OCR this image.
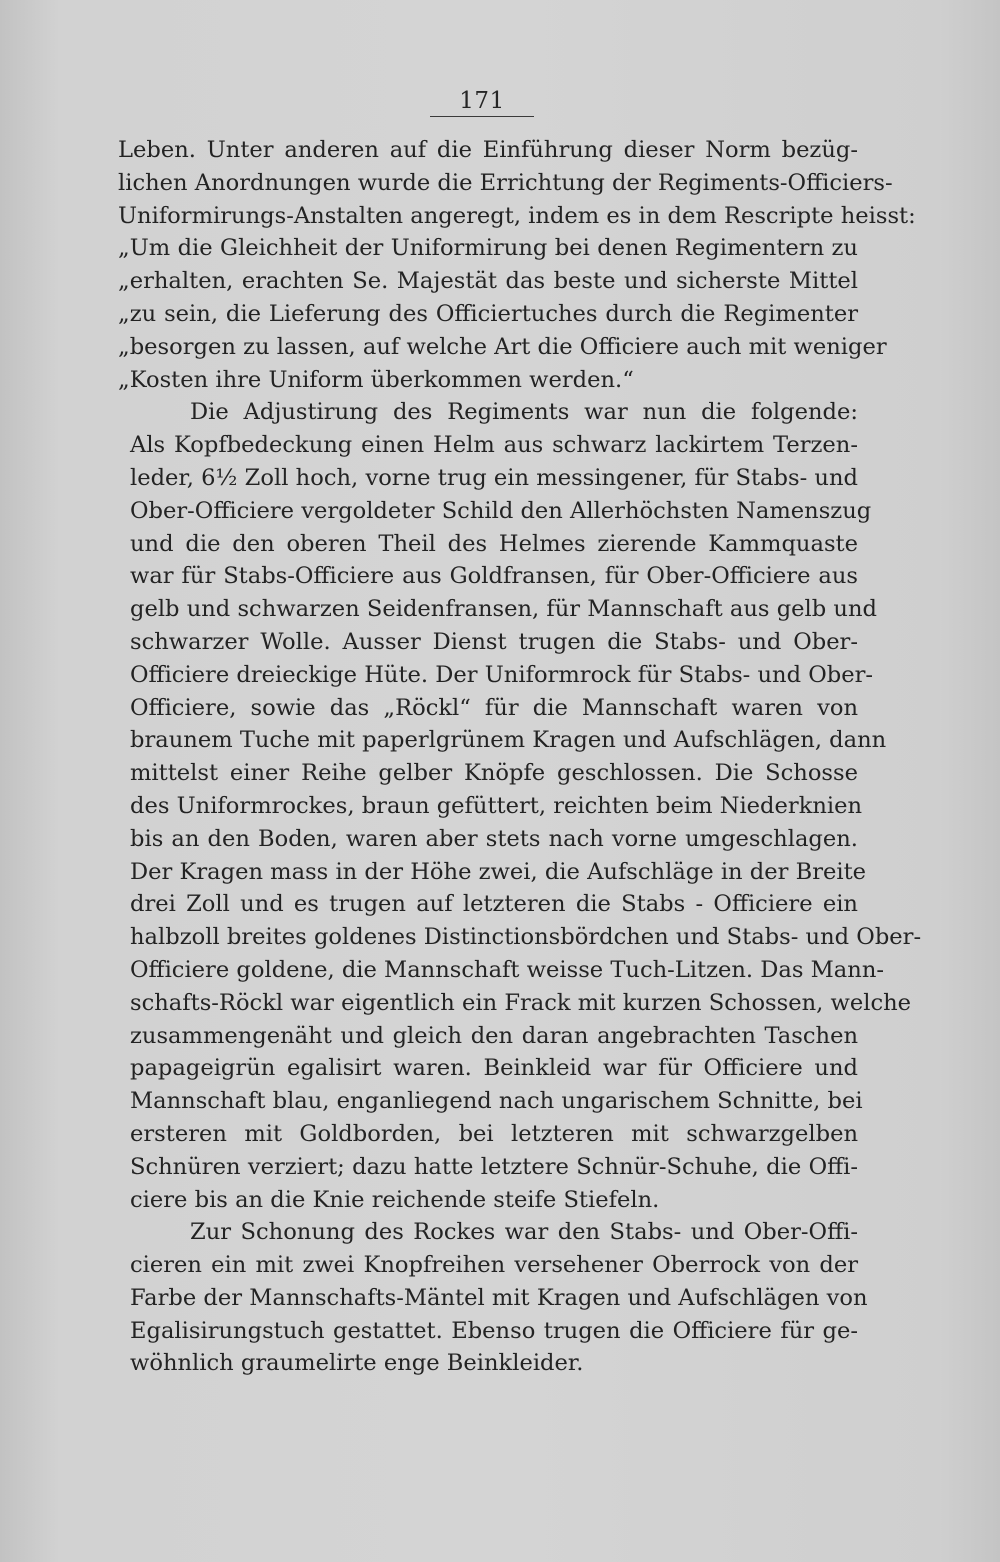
171

Leben. Unter anderen auf die Einführung dieser Norm bezüg-
lichen Anordnungen wurde die Errichtung der Regiments-Officiers-
Uniformirungs-Anstalten angeregt, indem es in dem Rescripte heisst:
„Um die Gleichheit der Uniformirung bei denen Regimentern zu
„erhalten, erachten Se. Majestät das beste und sicherste Mittel
„zu sein, die Lieferung des Officiertuches durch die Regimenter
„besorgen zu lassen, auf welche Art die Officiere auch mit weniger
„Kosten ihre Uniform überkommen werden.“

Die Adjustirung des Regiments war nun die folgende:
Als Kopfbedeckung einen Helm aus schwarz lackirtem Terzen-
leder, 6½ Zoll hoch, vorne trug ein messingener, für Stabs- und
Ober-Officiere vergoldeter Schild den Allerhöchsten Namenszug
und die den oberen Theil des Helmes zierende Kammquaste
war für Stabs-Officiere aus Goldfransen, für Ober-Officiere aus
gelb und schwarzen Seidenfransen, für Mannschaft aus gelb und
schwarzer Wolle. Ausser Dienst trugen die Stabs- und Ober-
Officiere dreieckige Hüte. Der Uniformrock für Stabs- und Ober-
Officiere, sowie das „Röckl“ für die Mannschaft waren von
braunem Tuche mit paperlgrünem Kragen und Aufschlägen, dann
mittelst einer Reihe gelber Knöpfe geschlossen. Die Schosse
des Uniformrockes, braun gefüttert, reichten beim Niederknien
bis an den Boden, waren aber stets nach vorne umgeschlagen.
Der Kragen mass in der Höhe zwei, die Aufschläge in der Breite
drei Zoll und es trugen auf letzteren die Stabs - Officiere ein
halbzoll breites goldenes Distinctionsbördchen und Stabs- und Ober-
Officiere goldene, die Mannschaft weisse Tuch-Litzen. Das Mann-
schafts-Röckl war eigentlich ein Frack mit kurzen Schossen, welche
zusammengenäht und gleich den daran angebrachten Taschen
papageigrün egalisirt waren. Beinkleid war für Officiere und
Mannschaft blau, enganliegend nach ungarischem Schnitte, bei
ersteren mit Goldborden, bei letzteren mit schwarzgelben
Schnüren verziert; dazu hatte letztere Schnür-Schuhe, die Offi-
ciere bis an die Knie reichende steife Stiefeln.

Zur Schonung des Rockes war den Stabs- und Ober-Offi-
cieren ein mit zwei Knopfreihen versehener Oberrock von der
Farbe der Mannschafts-Mäntel mit Kragen und Aufschlägen von
Egalisirungstuch gestattet. Ebenso trugen die Officiere für ge-
wöhnlich graumelirte enge Beinkleider.
